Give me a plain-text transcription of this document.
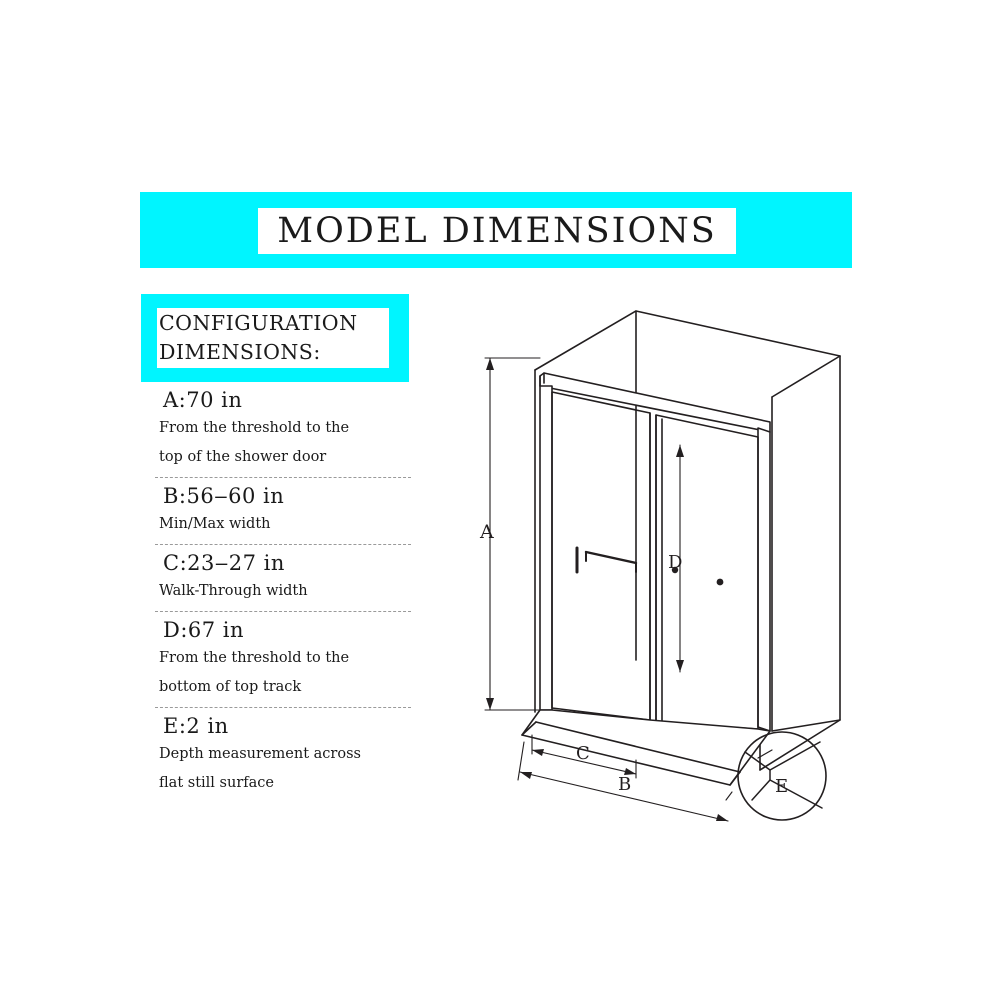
MODEL DIMENSIONS
CONFIGURATION
DIMENSIONS:
A:70 in
From the threshold to the
top of the shower door
B:56‒60 in
Min/Max width
C:23‒27 in
Walk-Through width
D:67 in
From the threshold to the
bottom of top track
E:2 in
Depth measurement across
flat still surface
A
C
B
D
E
